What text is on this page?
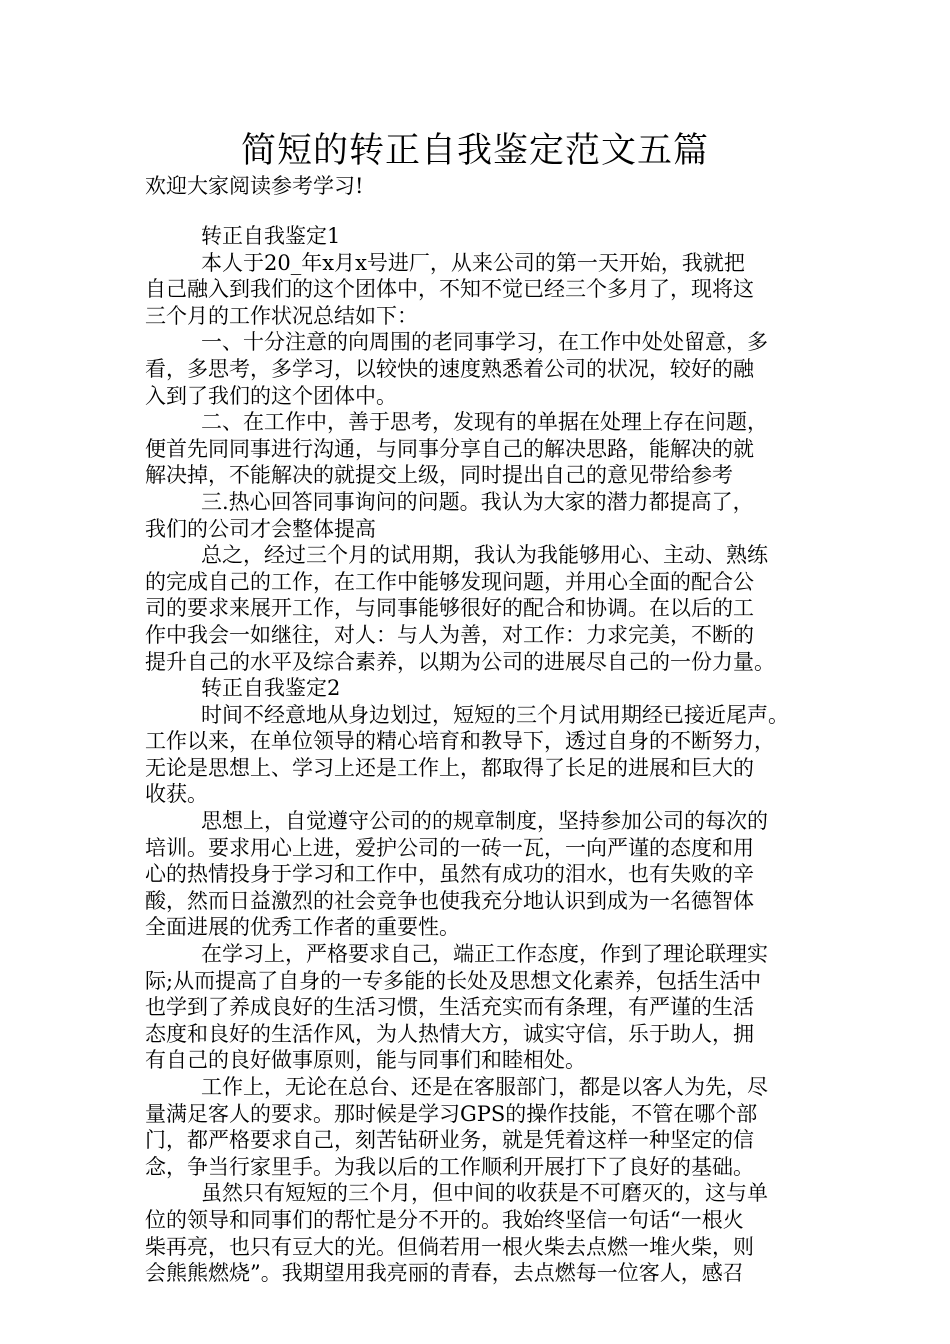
简短的转正自我鉴定范文五篇
欢迎大家阅读参考学习!
转正自我鉴定1
本人于20_年x月x号进厂，从来公司的第一天开始，我就把
自己融入到我们的这个团体中，不知不觉已经三个多月了，现将这
三个月的工作状况总结如下：
一、十分注意的向周围的老同事学习，在工作中处处留意，多
看，多思考，多学习，以较快的速度熟悉着公司的状况，较好的融
入到了我们的这个团体中。
二、在工作中，善于思考，发现有的单据在处理上存在问题，
便首先同同事进行沟通，与同事分享自己的解决思路，能解决的就
解决掉，不能解决的就提交上级，同时提出自己的意见带给参考
三.热心回答同事询问的问题。我认为大家的潜力都提高了，
我们的公司才会整体提高
总之，经过三个月的试用期，我认为我能够用心、主动、熟练
的完成自己的工作，在工作中能够发现问题，并用心全面的配合公
司的要求来展开工作，与同事能够很好的配合和协调。在以后的工
作中我会一如继往，对人：与人为善，对工作：力求完美，不断的
提升自己的水平及综合素养，以期为公司的进展尽自己的一份力量。
转正自我鉴定2
时间不经意地从身边划过，短短的三个月试用期经已接近尾声。
工作以来，在单位领导的精心培育和教导下，透过自身的不断努力，
无论是思想上、学习上还是工作上，都取得了长足的进展和巨大的
收获。
思想上，自觉遵守公司的的规章制度，坚持参加公司的每次的
培训。要求用心上进，爱护公司的一砖一瓦，一向严谨的态度和用
心的热情投身于学习和工作中，虽然有成功的泪水，也有失败的辛
酸，然而日益激烈的社会竞争也使我充分地认识到成为一名德智体
全面进展的优秀工作者的重要性。
在学习上，严格要求自己，端正工作态度，作到了理论联理实
际;从而提高了自身的一专多能的长处及思想文化素养，包括生活中
也学到了养成良好的生活习惯，生活充实而有条理，有严谨的生活
态度和良好的生活作风，为人热情大方，诚实守信，乐于助人，拥
有自己的良好做事原则，能与同事们和睦相处。
工作上，无论在总台、还是在客服部门，都是以客人为先，尽
量满足客人的要求。那时候是学习GPS的操作技能，不管在哪个部
门，都严格要求自己，刻苦钻研业务，就是凭着这样一种坚定的信
念，争当行家里手。为我以后的工作顺利开展打下了良好的基础。
虽然只有短短的三个月，但中间的收获是不可磨灭的，这与单
位的领导和同事们的帮忙是分不开的。我始终坚信一句话“一根火
柴再亮，也只有豆大的光。但倘若用一根火柴去点燃一堆火柴，则
会熊熊燃烧”。我期望用我亮丽的青春，去点燃每一位客人，感召
